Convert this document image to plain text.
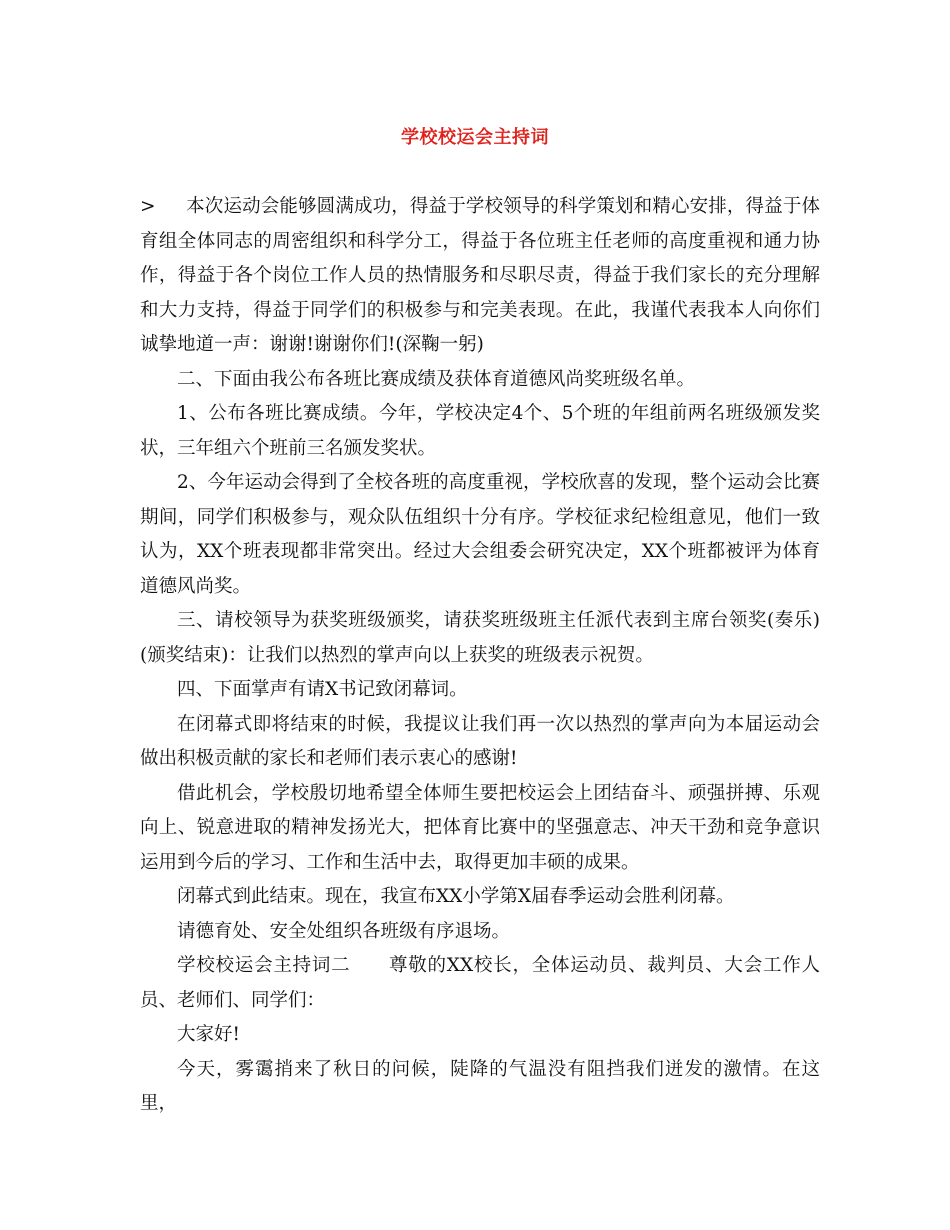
学校校运会主持词

> 本次运动会能够圆满成功，得益于学校领导的科学策划和精心安排，得益于体育组全体同志的周密组织和科学分工，得益于各位班主任老师的高度重视和通力协作，得益于各个岗位工作人员的热情服务和尽职尽责，得益于我们家长的充分理解和大力支持，得益于同学们的积极参与和完美表现。在此，我谨代表我本人向你们诚挚地道一声：谢谢!谢谢你们!(深鞠一躬)

二、下面由我公布各班比赛成绩及获体育道德风尚奖班级名单。

1、公布各班比赛成绩。今年，学校决定4个、5个班的年组前两名班级颁发奖状，三年组六个班前三名颁发奖状。

2、今年运动会得到了全校各班的高度重视，学校欣喜的发现，整个运动会比赛期间，同学们积极参与，观众队伍组织十分有序。学校征求纪检组意见，他们一致认为，XX个班表现都非常突出。经过大会组委会研究决定，XX个班都被评为体育道德风尚奖。

三、请校领导为获奖班级颁奖，请获奖班级班主任派代表到主席台领奖(奏乐)(颁奖结束)：让我们以热烈的掌声向以上获奖的班级表示祝贺。

四、下面掌声有请X书记致闭幕词。

在闭幕式即将结束的时候，我提议让我们再一次以热烈的掌声向为本届运动会做出积极贡献的家长和老师们表示衷心的感谢!

借此机会，学校殷切地希望全体师生要把校运会上团结奋斗、顽强拼搏、乐观向上、锐意进取的精神发扬光大，把体育比赛中的坚强意志、冲天干劲和竞争意识运用到今后的学习、工作和生活中去，取得更加丰硕的成果。

闭幕式到此结束。现在，我宣布XX小学第X届春季运动会胜利闭幕。

请德育处、安全处组织各班级有序退场。

学校校运会主持词二　　尊敬的XX校长，全体运动员、裁判员、大会工作人员、老师们、同学们：

大家好!

今天，雾霭捎来了秋日的问候，陡降的气温没有阻挡我们迸发的激情。在这里，
